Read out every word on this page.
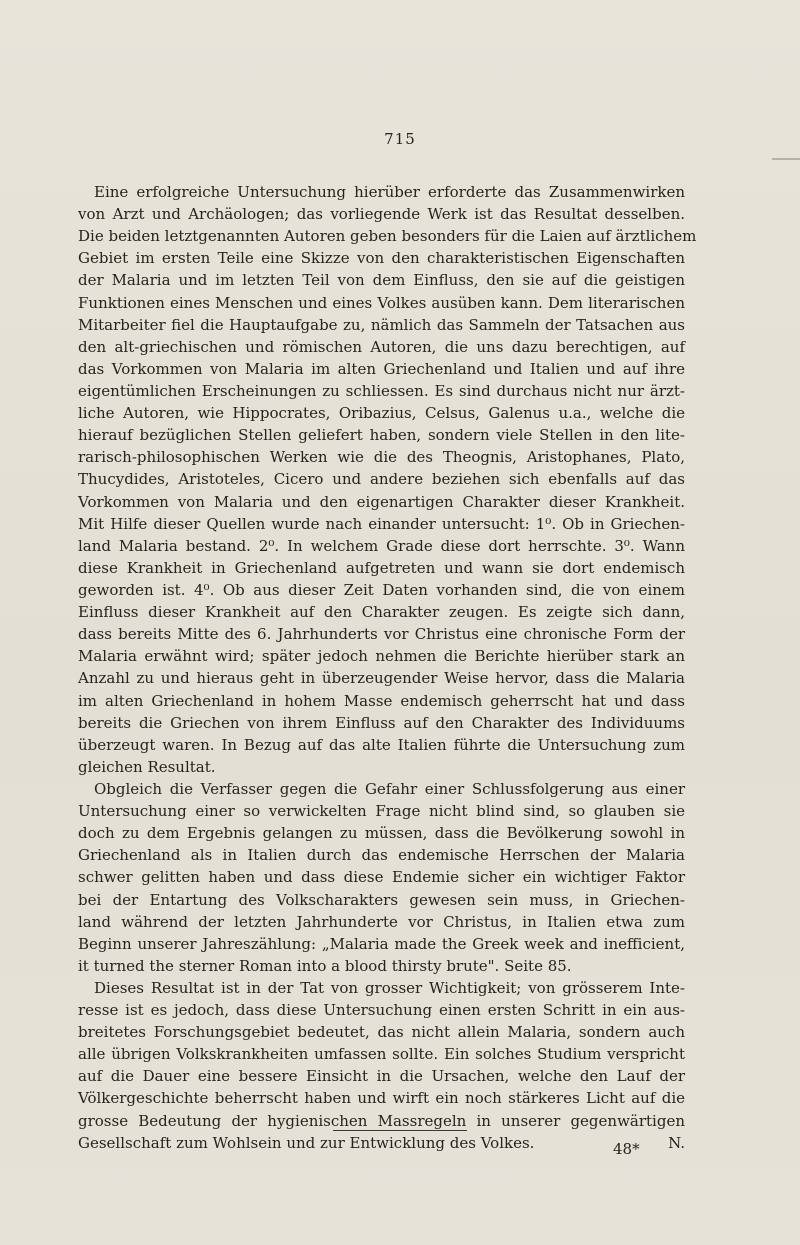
715
Eine erfolgreiche Untersuchung hierüber erforderte das Zusammenwirken
von Arzt und Archäologen; das vorliegende Werk ist das Resultat desselben.
Die beiden letztgenannten Autoren geben besonders für die Laien auf ärztlichem
Gebiet im ersten Teile eine Skizze von den charakteristischen Eigenschaften
der Malaria und im letzten Teil von dem Einfluss, den sie auf die geistigen
Funktionen eines Menschen und eines Volkes ausüben kann. Dem literarischen
Mitarbeiter fiel die Hauptaufgabe zu, nämlich das Sammeln der Tatsachen aus
den alt-griechischen und römischen Autoren, die uns dazu berechtigen, auf
das Vorkommen von Malaria im alten Griechenland und Italien und auf ihre
eigentümlichen Erscheinungen zu schliessen. Es sind durchaus nicht nur ärzt-
liche Autoren, wie Hippocrates, Oribazius, Celsus, Galenus u.a., welche die
hierauf bezüglichen Stellen geliefert haben, sondern viele Stellen in den lite-
rarisch-philosophischen Werken wie die des Theognis, Aristophanes, Plato,
Thucydides, Aristoteles, Cicero und andere beziehen sich ebenfalls auf das
Vorkommen von Malaria und den eigenartigen Charakter dieser Krankheit.
Mit Hilfe dieser Quellen wurde nach einander untersucht: 1⁰. Ob in Griechen-
land Malaria bestand. 2⁰. In welchem Grade diese dort herrschte. 3⁰. Wann
diese Krankheit in Griechenland aufgetreten und wann sie dort endemisch
geworden ist. 4⁰. Ob aus dieser Zeit Daten vorhanden sind, die von einem
Einfluss dieser Krankheit auf den Charakter zeugen. Es zeigte sich dann,
dass bereits Mitte des 6. Jahrhunderts vor Christus eine chronische Form der
Malaria erwähnt wird; später jedoch nehmen die Berichte hierüber stark an
Anzahl zu und hieraus geht in überzeugender Weise hervor, dass die Malaria
im alten Griechenland in hohem Masse endemisch geherrscht hat und dass
bereits die Griechen von ihrem Einfluss auf den Charakter des Individuums
überzeugt waren. In Bezug auf das alte Italien führte die Untersuchung zum
gleichen Resultat.
Obgleich die Verfasser gegen die Gefahr einer Schlussfolgerung aus einer
Untersuchung einer so verwickelten Frage nicht blind sind, so glauben sie
doch zu dem Ergebnis gelangen zu müssen, dass die Bevölkerung sowohl in
Griechenland als in Italien durch das endemische Herrschen der Malaria
schwer gelitten haben und dass diese Endemie sicher ein wichtiger Faktor
bei der Entartung des Volkscharakters gewesen sein muss, in Griechen-
land während der letzten Jahrhunderte vor Christus, in Italien etwa zum
Beginn unserer Jahreszählung: „Malaria made the Greek week and inefficient,
it turned the sterner Roman into a blood thirsty brute". Seite 85.
Dieses Resultat ist in der Tat von grosser Wichtigkeit; von grösserem Inte-
resse ist es jedoch, dass diese Untersuchung einen ersten Schritt in ein aus-
breitetes Forschungsgebiet bedeutet, das nicht allein Malaria, sondern auch
alle übrigen Volkskrankheiten umfassen sollte. Ein solches Studium verspricht
auf die Dauer eine bessere Einsicht in die Ursachen, welche den Lauf der
Völkergeschichte beherrscht haben und wirft ein noch stärkeres Licht auf die
grosse Bedeutung der hygienischen Massregeln in unserer gegenwärtigen
Gesellschaft zum Wohlsein und zur Entwicklung des Volkes.	N.
48*
